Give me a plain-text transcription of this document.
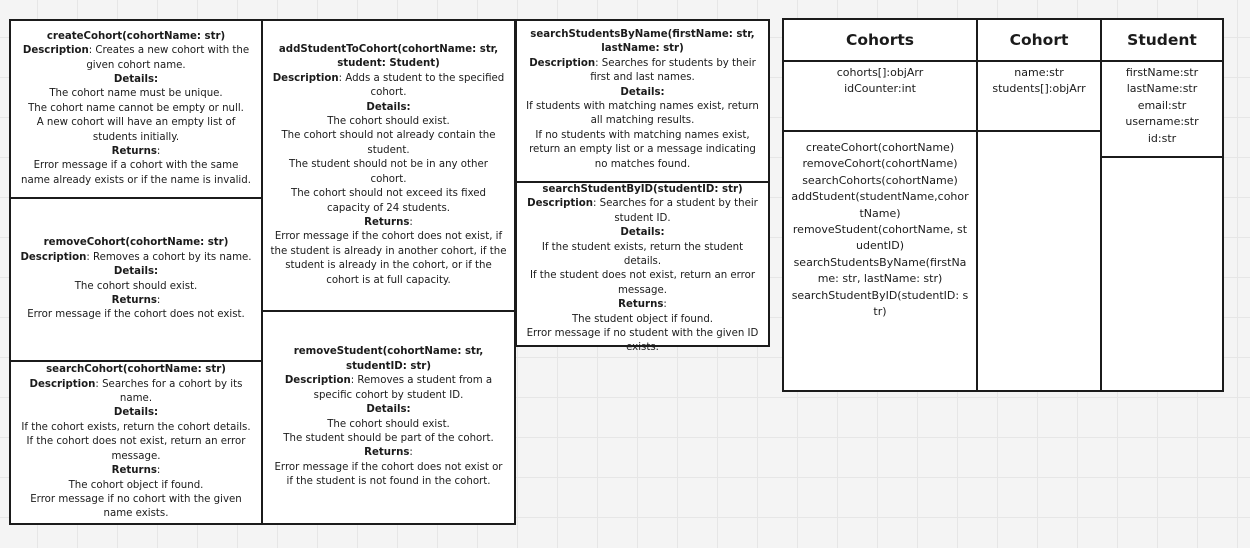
createCohort(cohortName: str)
Description: Creates a new cohort with the given cohort name.
Details:
The cohort name must be unique.
The cohort name cannot be empty or null.
A new cohort will have an empty list of students initially.
Returns:
Error message if a cohort with the same name already exists or if the name is invalid.
removeCohort(cohortName: str)
Description: Removes a cohort by its name.
Details:
The cohort should exist.
Returns:
Error message if the cohort does not exist.
searchCohort(cohortName: str)
Description: Searches for a cohort by its name.
Details:
If the cohort exists, return the cohort details.
If the cohort does not exist, return an error message.
Returns:
The cohort object if found.
Error message if no cohort with the given name exists.
addStudentToCohort(cohortName: str, student: Student)
Description: Adds a student to the specified cohort.
Details:
The cohort should exist.
The cohort should not already contain the student.
The student should not be in any other cohort.
The cohort should not exceed its fixed capacity of 24 students.
Returns:
Error message if the cohort does not exist, if the student is already in another cohort, if the student is already in the cohort, or if the cohort is at full capacity.
removeStudent(cohortName: str, studentID: str)
Description: Removes a student from a specific cohort by student ID.
Details:
The cohort should exist.
The student should be part of the cohort.
Returns:
Error message if the cohort does not exist or if the student is not found in the cohort.
searchStudentsByName(firstName: str, lastName: str)
Description: Searches for students by their first and last names.
Details:
If students with matching names exist, return all matching results.
If no students with matching names exist, return an empty list or a message indicating no matches found.
searchStudentByID(studentID: str)
Description: Searches for a student by their student ID.
Details:
If the student exists, return the student details.
If the student does not exist, return an error message.
Returns:
The student object if found.
Error message if no student with the given ID exists.
Cohorts
cohorts[]:objArr
idCounter:int
createCohort(cohortName)
removeCohort(cohortName)
searchCohorts(cohortName)
addStudent(studentName,cohortName)
removeStudent(cohortName, studentID)
searchStudentsByName(firstName: str, lastName: str)
searchStudentByID(studentID: str)
Cohort
name:str
students[]:objArr
Student
firstName:str
lastName:str
email:str
username:str
id:str
